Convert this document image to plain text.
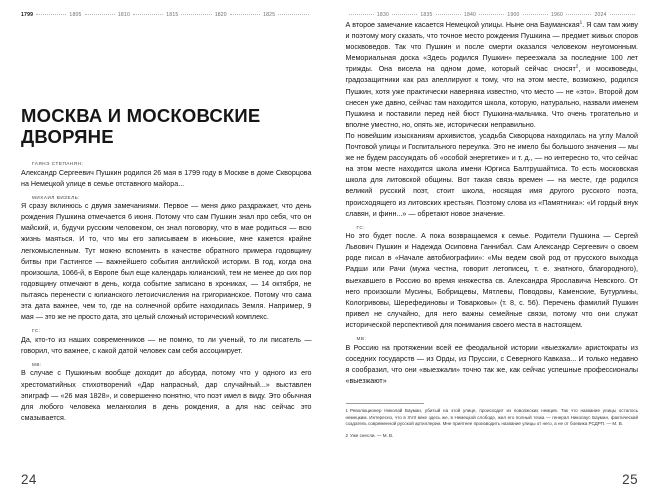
1799	1805	1810	1815	1820	1825
МОСКВА И МОСКОВСКИЕ ДВОРЯНЕ
ГАЯНЭ СТЕПАНЯН:

Александр Сергеевич Пушкин родился 26 мая в 1799 году в Москве в доме Скворцова на Немецкой улице в семье отставного майора...

МИХАИЛ ВИЗЕЛЬ:

Я сразу вклинюсь с двумя замечаниями. Первое — меня дико раздражает, что день рождения Пушкина отмечается 6 июня. Потому что сам Пушкин знал про себя, что он майский, и, будучи русским человеком, он знал поговорку, что в мае родиться — всю жизнь маяться. И то, что мы его записываем в июньские, мне кажется крайне легкомысленным. Тут можно вспомнить в качестве обратного примера годовщину битвы при Гастингсе — важнейшего события английской истории. В год, когда она произошла, 1066-й, в Европе был еще календарь юлианский, тем не менее до сих пор годовщину отмечают в день, когда событие записано в хрониках, — 14 октября, не пытаясь перенести с юлианского летоисчисления на григорианское. Потому что сама эта дата важнее, чем то, где на солнечной орбите находилась Земля. Например, 9 мая — это же не просто дата, это целый сложный исторический комплекс.

ГС:

Да, кто-то из наших современников — не помню, то ли ученый, то ли писатель — говорил, что важнее, с какой датой человек сам себя ассоциирует.

МВ:

В случае с Пушкиным вообще доходит до абсурда, потому что у одного из его хрестоматийных стихотворений «Дар напрасный, дар случайный...» выставлен эпиграф — «26 мая 1828», и совершенно понятно, что поэт имел в виду. Это обычная для любого человека меланхолия в день рождения, а для нас сейчас это смазывается.

24
1830	1835	1840	1900	1960	2024

А второе замечание касается Немецкой улицы. Ныне она Бауманская$^1$. Я сам там живу и поэтому могу сказать, что точное место рождения Пушкина — предмет живых споров москвоведов. Так что Пушкин и после смерти оказался человеком неугомонным. Мемориальная доска «Здесь родился Пушкин» переезжала за последние 100 лет трижды. Она висела на одном доме, который сейчас сносят$^2$, и москвоведы, градозащитники как раз апеллируют к тому, что на этом месте, возможно, родился Пушкин, хотя уже практически наверняка известно, что место — не «это». Второй дом снесен уже давно, сейчас там находится школа, которую, натурально, назвали именем Пушкина и поставили перед ней бюст Пушкина-мальчика. Что очень трогательно и вполне уместно, но, опять же, исторически неправильно.

По новейшим изысканиям архивистов, усадьба Скворцова находилась на углу Малой Почтовой улицы и Госпитального переулка. Это не имело бы большого значения — мы же не будем рассуждать об «особой энергетике» и т. д., — но интересно то, что сейчас на этом месте находится школа имени Юргиса Балтрушайтиса. То есть московская школа для литовской общины. Вот такая связь времен — на месте, где родился великий русский поэт, стоит школа, носящая имя другого русского поэта, происходящего из литовских крестьян. Поэтому слова из «Памятника»: «И гордый внук славян, и финн...» — обретают новое значение.

ГС:

Но это будет после. А пока возвращаемся к семье. Родители Пушкина — Сергей Львович Пушкин и Надежда Осиповна Ганнибал. Сам Александр Сергеевич о своем роде писал в «Начале автобиографии»: «Мы ведем свой род от прусского выходца Радши или Рачи (мужа честна, говорит летописец, т. е. знатного, благородного), выехавшего в Россию во время княжества св. Александра Ярославича Невского. От него произошли Мусины, Бобрищевы, Мятлевы, Поводовы, Каменские, Бутурлины, Кологривовы, Шерефединовы и Товарковы» (т. 8, с. 56). Перечень фамилий Пушкин привел не случайно, для него важны семейные связи, потому что они служат исторической перспективой для понимания своего места в настоящем.

МВ:

В Россию на протяжении всей ее феодальной истории «выезжали» аристократы из соседних государств — из Орды, из Пруссии, с Северного Кавказа... И только недавно я сообразил, что они «выезжали» точно так же, как сейчас успешные профессионалы «выезжают»

1 Революционер Николай Бауман, убитый на этой улице, происходит из поволжских немцев. Так что название улицы осталось немецким. Интересно, что в XVII веке здесь же, в Немецкой слободе, жил его полный тезка — генерал Николаус Бауман, фактический создатель современной русской артиллерии. Мне приятнее производить название улицы от него, а не от боевика РСДРП. — М. В.

2 Уже снесли. — М. В.

25
